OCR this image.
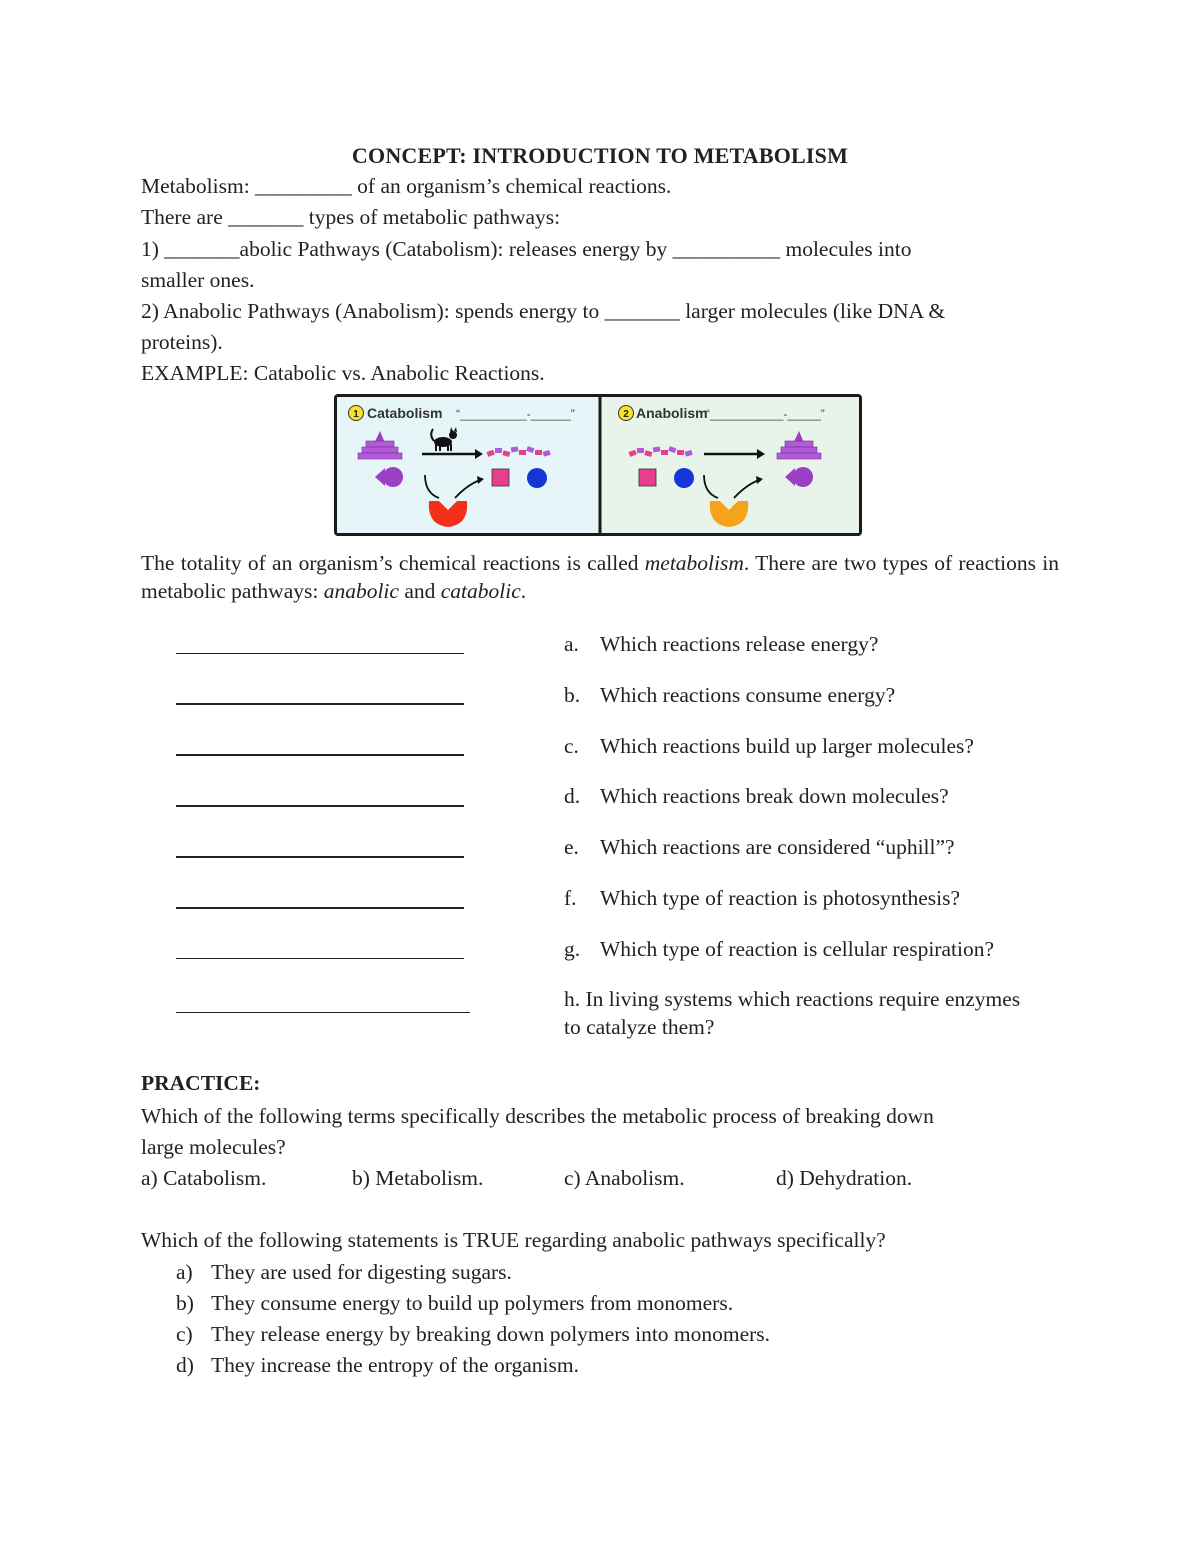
CONCEPT: INTRODUCTION TO METABOLISM
Metabolism: _________ of an organism’s chemical reactions.
There are _______ types of metabolic pathways:
1) _______abolic Pathways (Catabolism): releases energy by __________ molecules into
smaller ones.
2) Anabolic Pathways (Anabolism): spends energy to _______ larger molecules (like DNA &
proteins).
EXAMPLE: Catabolic vs. Anabolic Reactions.
1 Catabolism “__________-______”	2 Anabolism
“___________-_____”
The totality of an organism’s chemical reactions is called metabolism. There are two types of reactions in metabolic pathways: anabolic and catabolic.
a. Which reactions release energy?
b. Which reactions consume energy?
c. Which reactions build up larger molecules?
d. Which reactions break down molecules?
e. Which reactions are considered “uphill”?
f. Which type of reaction is photosynthesis?
g. Which type of reaction is cellular respiration?
h. In living systems which reactions require enzymes to catalyze them?
PRACTICE:
Which of the following terms specifically describes the metabolic process of breaking down
large molecules?
a) Catabolism.	b) Metabolism.	c) Anabolism.	d) Dehydration.
Which of the following statements is TRUE regarding anabolic pathways specifically?
a) They are used for digesting sugars.
b) They consume energy to build up polymers from monomers.
c) They release energy by breaking down polymers into monomers.
d) They increase the entropy of the organism.
